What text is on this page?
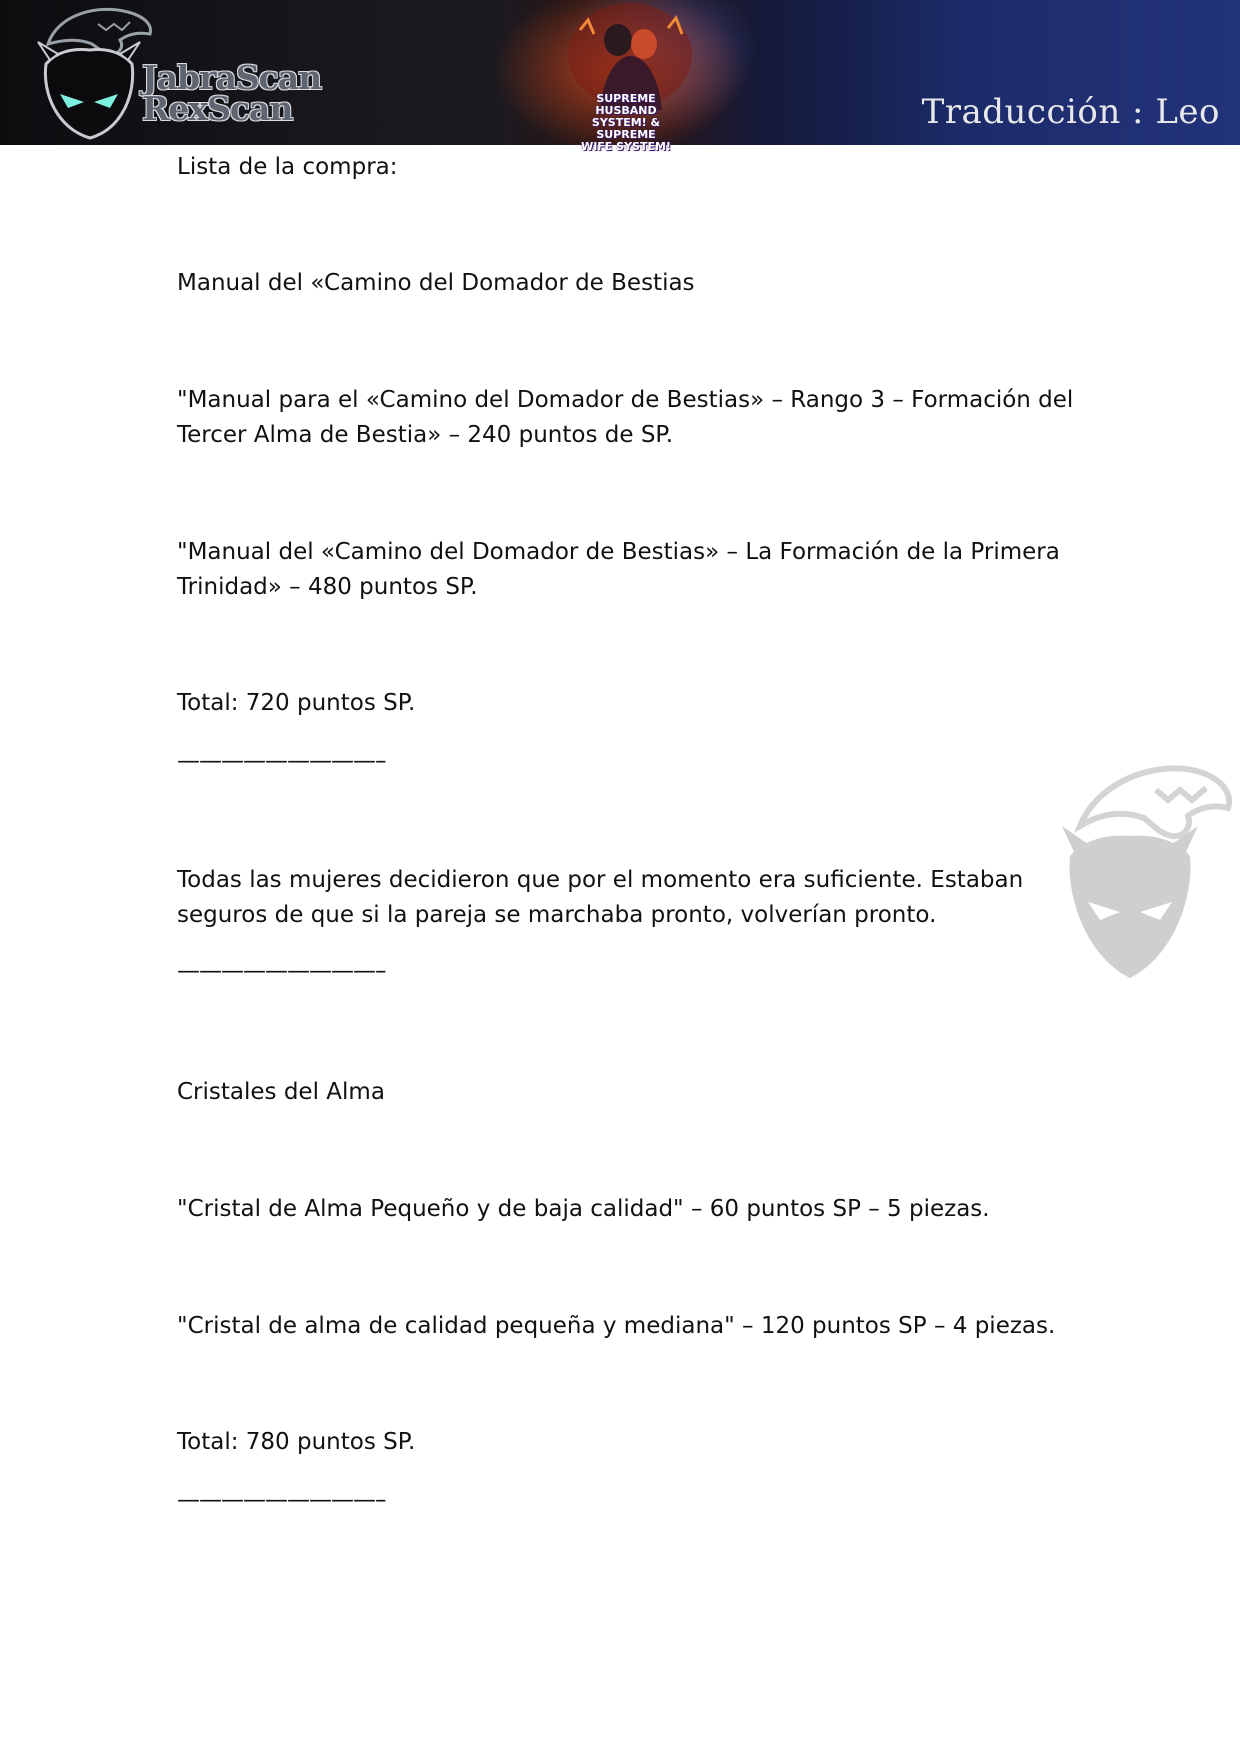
JabraScan
RexScan	SUPREME HUSBAND
SYSTEM! & SUPREME
WIFE SYSTEM!
Traducción : Leo

Lista de la compra:

Manual del «Camino del Domador de Bestias

"Manual para el «Camino del Domador de Bestias» – Rango 3 – Formación del Tercer Alma de Bestia» – 240 puntos de SP.

"Manual del «Camino del Domador de Bestias» – La Formación de la Primera Trinidad» – 480 puntos SP.

Total: 720 puntos SP.

—————————–

Todas las mujeres decidieron que por el momento era suficiente. Estaban seguros de que si la pareja se marchaba pronto, volverían pronto.

—————————–

Cristales del Alma

"Cristal de Alma Pequeño y de baja calidad" – 60 puntos SP – 5 piezas.

"Cristal de alma de calidad pequeña y mediana" – 120 puntos SP – 4 piezas.

Total: 780 puntos SP.

—————————–
